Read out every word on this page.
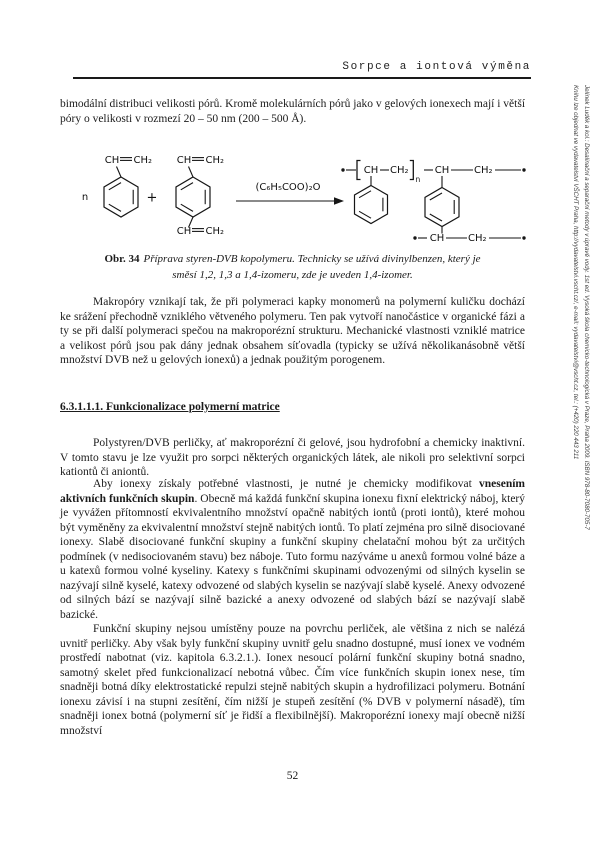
Sorpce a iontová výměna
Jelínek Luděk a kol.: Desalinační a separační metody v úpravě vody. 1st ed. Vysoká škola chemicko-technologická v Praze, Praha 2009. ISBN 978-80-7080-705-7
Knihu lze objednat ve vydavatelství VŠCHT Praha, http://vydavatelstvi.vscht.cz/, e-mail: vydavatelstvi@vscht.cz, tel.: (+420) 220 443 211

bimodální distribuci velikosti pórů. Kromě molekulárních pórů jako v gelových ionexech mají i větší póry o velikosti v rozmezí 20 – 50 nm (200 – 500 Å).

n
CH CH₂
+
CH CH₂
CH CH₂
(C₆H₅COO)₂O
CH CH₂
n
CH CH₂
CH CH₂
Obr. 34 Příprava styren-DVB kopolymeru. Technicky se užívá divinylbenzen, který je
směsí 1,2, 1,3 a 1,4-izomeru, zde je uveden 1,4-izomer.

Makropóry vznikají tak, že při polymeraci kapky monomerů na polymerní kuličku dochází ke srážení přechodně vzniklého větveného polymeru. Ten pak vytvoří nanočástice v organické fázi a ty se při další polymeraci spečou na makroporézní strukturu. Mechanické vlastnosti vzniklé matrice a velikost pórů jsou pak dány jednak obsahem síťovadla (typicky se užívá několikanásobně větší množství DVB než u gelových ionexů) a jednak použitým porogenem.

6.3.1.1.1. Funkcionalizace polymerní matrice

Polystyren/DVB perličky, ať makroporézní či gelové, jsou hydrofobní a chemicky inaktivní. V tomto stavu je lze využit pro sorpci některých organických látek, ale nikoli pro selektivní sorpci kationtů či aniontů.

Aby ionexy získaly potřebné vlastnosti, je nutné je chemicky modifikovat vnesením aktivních funkčních skupin. Obecně má každá funkční skupina ionexu fixní elektrický náboj, který je vyvážen přítomností ekvivalentního množství opačně nabitých iontů (proti iontů), které mohou být vyměněny za ekvivalentní množství stejně nabitých iontů. To platí zejména pro silně disociované ionexy. Slabě disociované funkční skupiny a funkční skupiny chelatační mohou být za určitých podmínek (v nedisociovaném stavu) bez náboje. Tuto formu nazýváme u anexů formou volné báze a u katexů formou volné kyseliny. Katexy s funkčními skupinami odvozenými od silných kyselin se nazývají silně kyselé, katexy odvozené od slabých kyselin se nazývají slabě kyselé. Anexy odvozené od silných bází se nazývají silně bazické a anexy odvozené od slabých bází se nazývají slabě bazické.

Funkční skupiny nejsou umístěny pouze na povrchu perliček, ale většina z nich se nalézá uvnitř perličky. Aby však byly funkční skupiny uvnitř gelu snadno dostupné, musí ionex ve vodném prostředí nabotnat (viz. kapitola 6.3.2.1.). Ionex nesoucí polární funkční skupiny botná snadno, samotný skelet před funkcionalizací nebotná vůbec. Čím více funkčních skupin ionex nese, tím snadněji botná díky elektrostatické repulzi stejně nabitých skupin a hydrofilizaci polymeru. Botnání ionexu závisí i na stupni zesítění, čím nižší je stupeň zesítění (% DVB v polymerní násadě), tím snadněji ionex botná (polymerní síť je řidší a flexibilnější). Makroporézní ionexy mají obecně nižší množství

52
